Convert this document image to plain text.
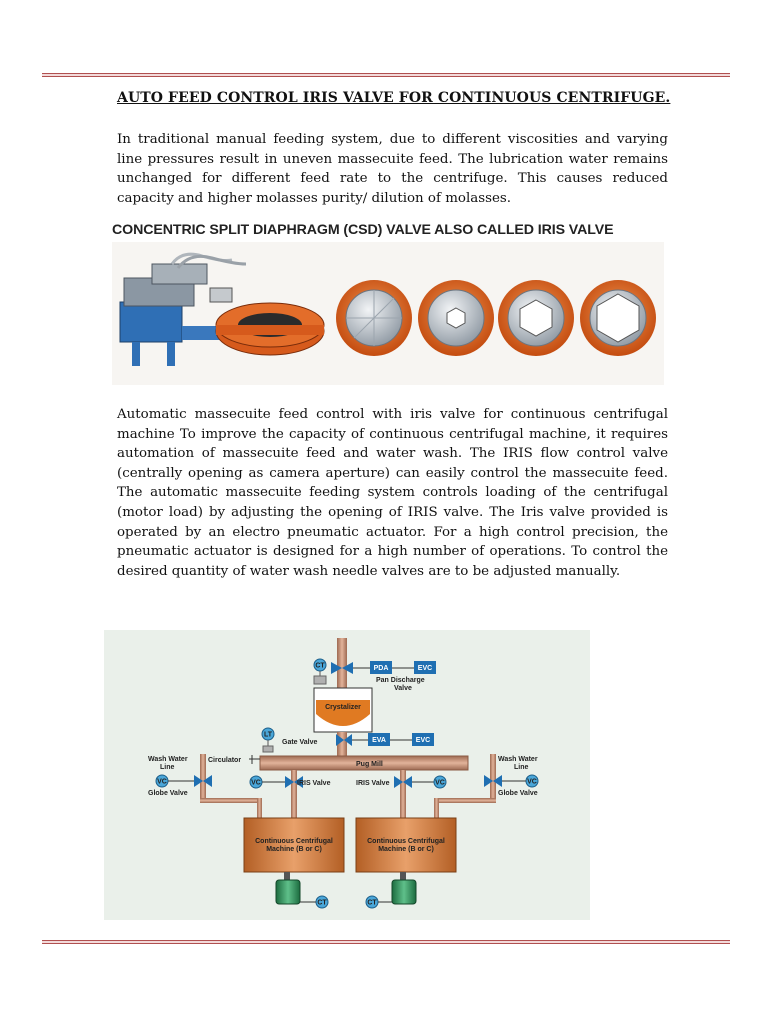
AUTO FEED CONTROL IRIS VALVE FOR CONTINUOUS CENTRIFUGE.

In traditional manual feeding system, due to different viscosities and varying line pressures result in uneven massecuite feed. The lubrication water remains unchanged for different feed rate to the centrifuge. This causes reduced capacity and higher molasses purity/ dilution of molasses.

CONCENTRIC SPLIT DIAPHRAGM (CSD) VALVE ALSO CALLED IRIS VALVE

Automatic massecuite feed control with iris valve for continuous centrifugal machine To improve the capacity of continuous centrifugal machine, it requires automation of massecuite feed and water wash. The IRIS flow control valve (centrally opening as camera aperture) can easily control the massecuite feed. The automatic massecuite feeding system controls loading of the centrifugal (motor load) by adjusting the opening of IRIS valve. The Iris valve provided is operated by an electro pneumatic actuator. For a high control precision, the pneumatic actuator is designed for a high number of operations. To control the desired quantity of water wash needle valves are to be adjusted manually.

CT	PDA	EVC
Pan Discharge
Valve
Crystalizer
LT
Gate Valve	EVA	EVC
Pug Mill
Circulator
Wash Water
Line
VC
Globe Valve
Wash Water
Line
VC
Globe Valve
VC	IRIS Valve	IRIS Valve	VC
Continuous Centrifugal
Machine (B or C)
CT
Continuous Centrifugal
Machine (B or C)
CT
